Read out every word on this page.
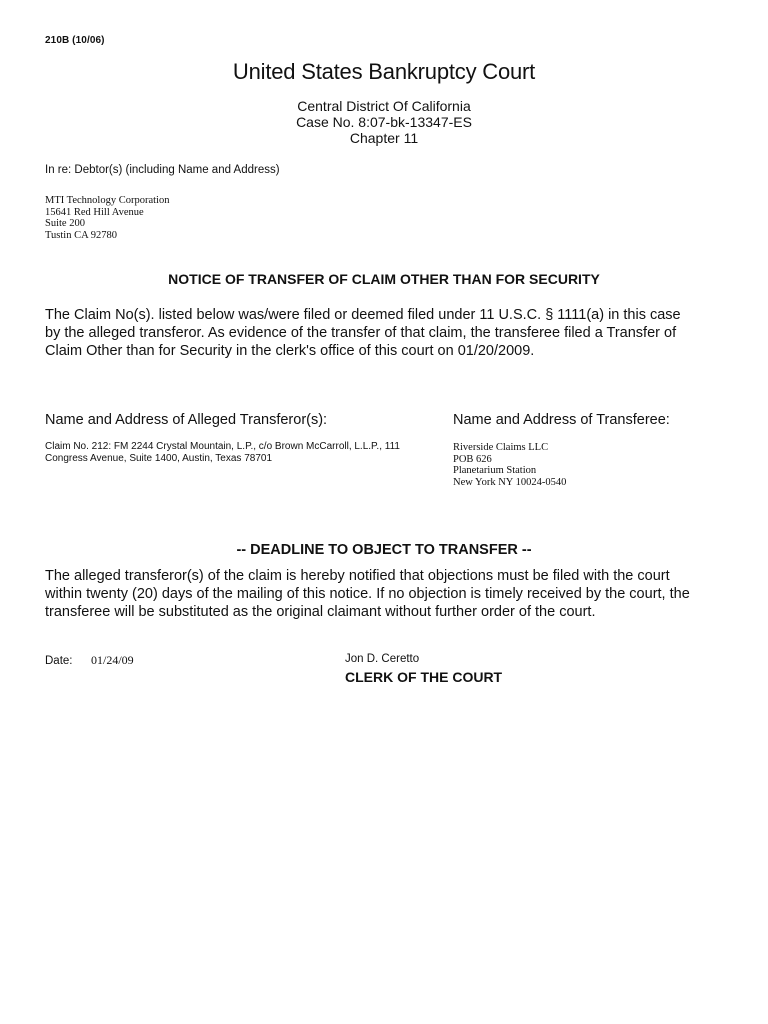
210B (10/06)
United States Bankruptcy Court
Central District Of California
Case No. 8:07-bk-13347-ES
Chapter 11
In re: Debtor(s) (including Name and Address)
MTI Technology Corporation
15641 Red Hill Avenue
Suite 200
Tustin CA 92780
NOTICE OF TRANSFER OF CLAIM OTHER THAN FOR SECURITY
The Claim No(s). listed below was/were filed or deemed filed under 11 U.S.C. § 1111(a) in this case
by the alleged transferor. As evidence of the transfer of that claim, the transferee filed a Transfer of
Claim Other than for Security in the clerk's office of this court on 01/20/2009.
Name and Address of Alleged Transferor(s):	Name and Address of Transferee:
Claim No. 212: FM 2244 Crystal Mountain, L.P., c/o Brown McCarroll, L.L.P., 111
Congress Avenue, Suite 1400, Austin, Texas 78701
Riverside Claims LLC
POB 626
Planetarium Station
New York NY 10024-0540
-- DEADLINE TO OBJECT TO TRANSFER --
The alleged transferor(s) of the claim is hereby notified that objections must be filed with the court
within twenty (20) days of the mailing of this notice. If no objection is timely received by the court, the
transferee will be substituted as the original claimant without further order of the court.
Date: 01/24/09	Jon D. Ceretto
CLERK OF THE COURT
